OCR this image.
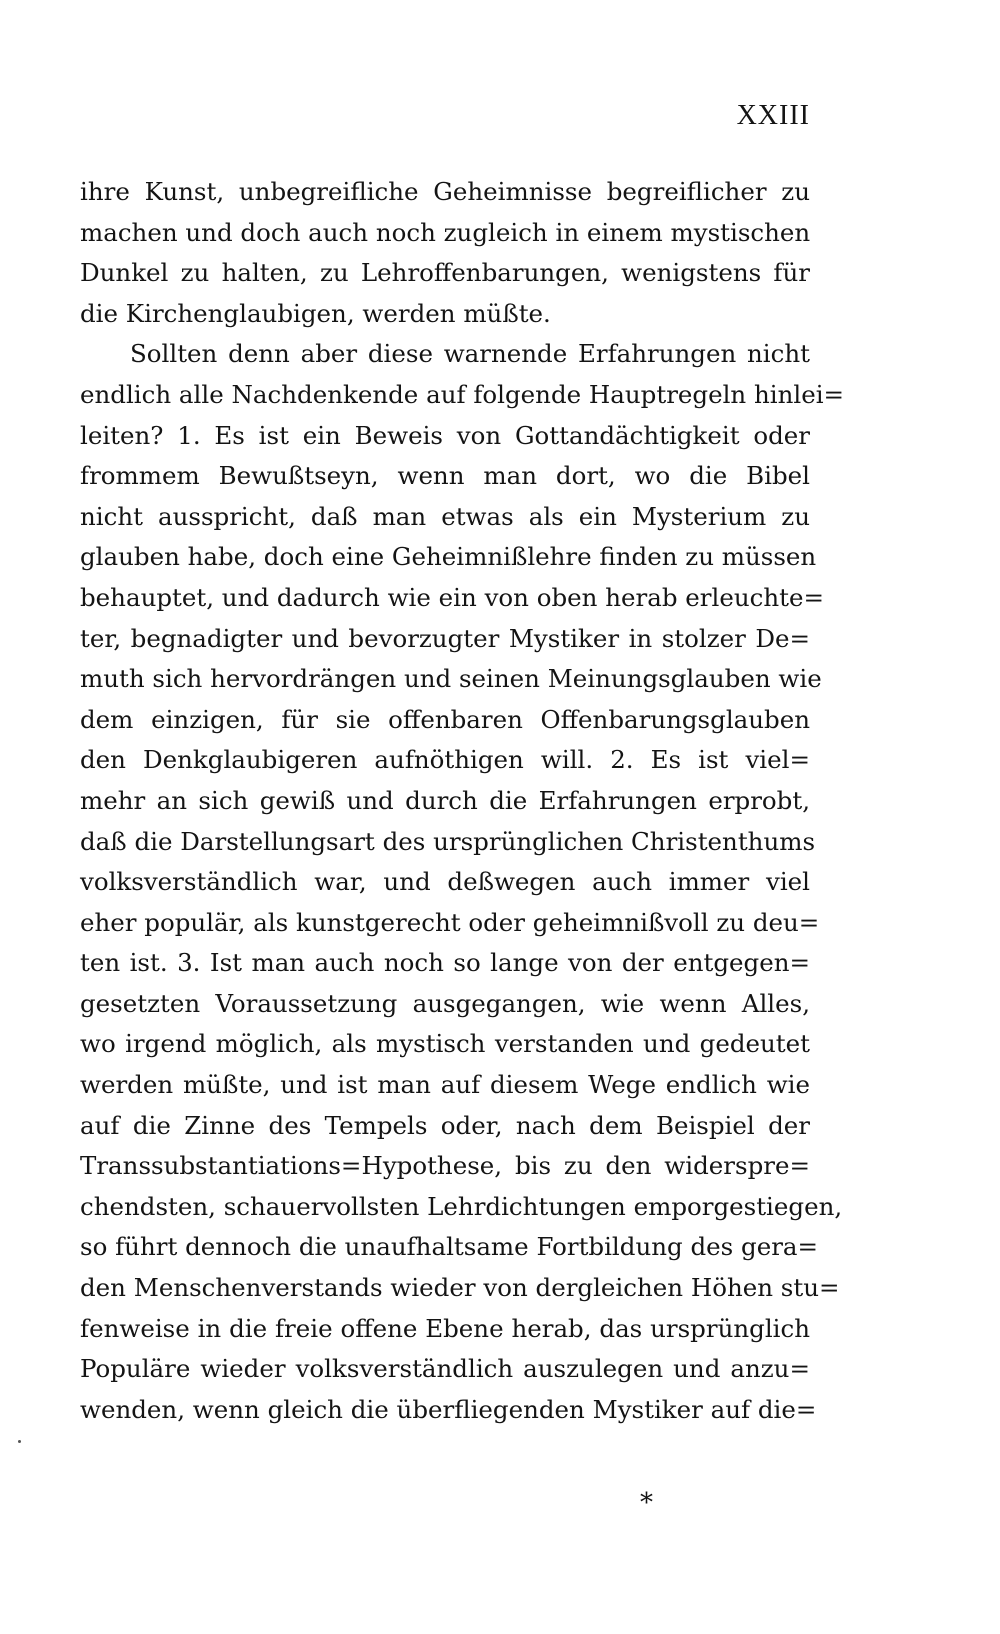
XXIII
ihre Kunst, unbegreifliche Geheimnisse begreiflicher zu
machen und doch auch noch zugleich in einem mystischen
Dunkel zu halten, zu Lehroffenbarungen, wenigstens für
die Kirchenglaubigen, werden müßte.
Sollten denn aber diese warnende Erfahrungen nicht
endlich alle Nachdenkende auf folgende Hauptregeln hinlei=
leiten? 1. Es ist ein Beweis von Gottandächtigkeit oder
frommem Bewußtseyn, wenn man dort, wo die Bibel
nicht ausspricht, daß man etwas als ein Mysterium zu
glauben habe, doch eine Geheimnißlehre finden zu müssen
behauptet, und dadurch wie ein von oben herab erleuchte=
ter, begnadigter und bevorzugter Mystiker in stolzer De=
muth sich hervordrängen und seinen Meinungsglauben wie
dem einzigen, für sie offenbaren Offenbarungsglauben
den Denkglaubigeren aufnöthigen will. 2. Es ist viel=
mehr an sich gewiß und durch die Erfahrungen erprobt,
daß die Darstellungsart des ursprünglichen Christenthums
volksverständlich war, und deßwegen auch immer viel
eher populär, als kunstgerecht oder geheimnißvoll zu deu=
ten ist. 3. Ist man auch noch so lange von der entgegen=
gesetzten Voraussetzung ausgegangen, wie wenn Alles,
wo irgend möglich, als mystisch verstanden und gedeutet
werden müßte, und ist man auf diesem Wege endlich wie
auf die Zinne des Tempels oder, nach dem Beispiel der
Transsubstantiations=Hypothese, bis zu den widerspre=
chendsten, schauervollsten Lehrdichtungen emporgestiegen,
so führt dennoch die unaufhaltsame Fortbildung des gera=
den Menschenverstands wieder von dergleichen Höhen stu=
fenweise in die freie offene Ebene herab, das ursprünglich
Populäre wieder volksverständlich auszulegen und anzu=
wenden, wenn gleich die überfliegenden Mystiker auf die=
*
